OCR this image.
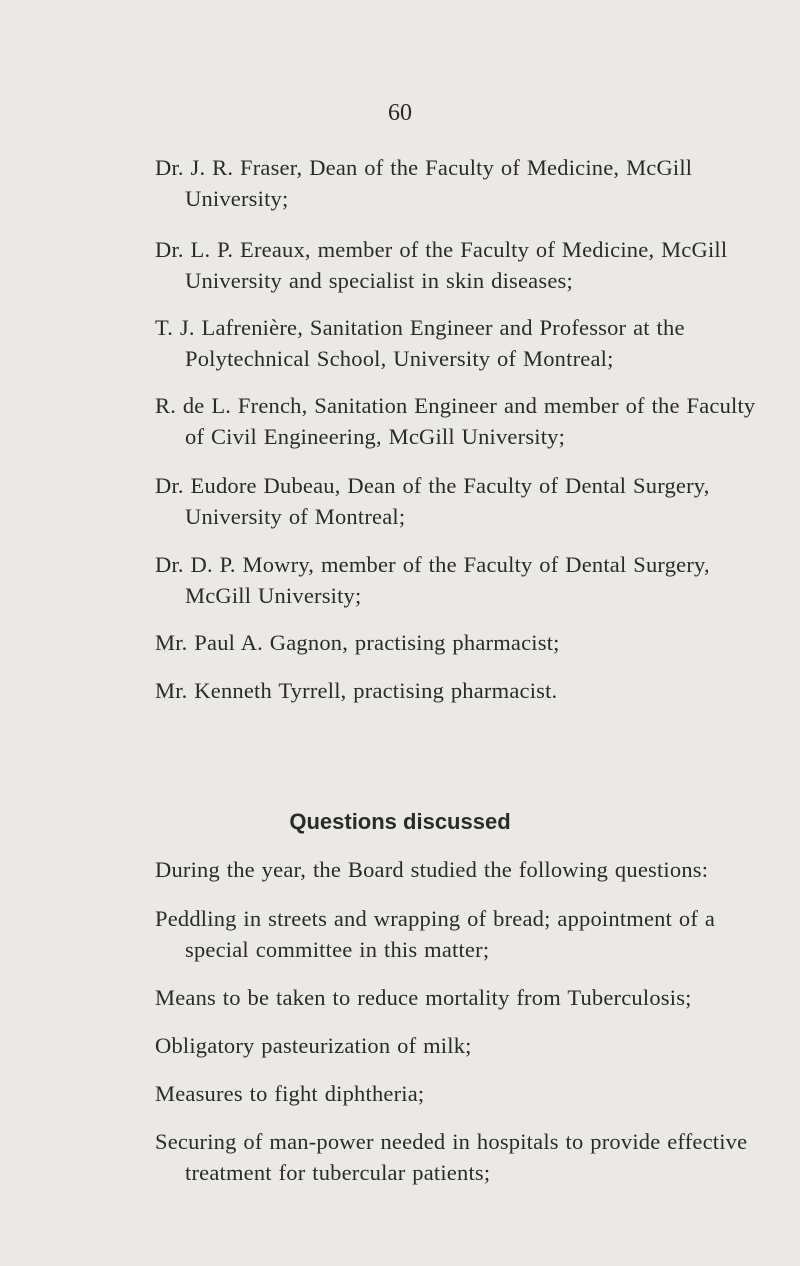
60

Dr. J. R. Fraser, Dean of the Faculty of Medicine, McGill University;

Dr. L. P. Ereaux, member of the Faculty of Medicine, McGill University and specialist in skin diseases;

T. J. Lafrenière, Sanitation Engineer and Professor at the Polytechnical School, University of Montreal;

R. de L. French, Sanitation Engineer and member of the Faculty of Civil Engineering, McGill University;

Dr. Eudore Dubeau, Dean of the Faculty of Dental Surgery, University of Montreal;

Dr. D. P. Mowry, member of the Faculty of Dental Surgery, McGill University;

Mr. Paul A. Gagnon, practising pharmacist;

Mr. Kenneth Tyrrell, practising pharmacist.

Questions discussed

During the year, the Board studied the following questions:

Peddling in streets and wrapping of bread; appointment of a special committee in this matter;

Means to be taken to reduce mortality from Tuberculosis;

Obligatory pasteurization of milk;

Measures to fight diphtheria;

Securing of man-power needed in hospitals to provide effective treatment for tubercular patients;
